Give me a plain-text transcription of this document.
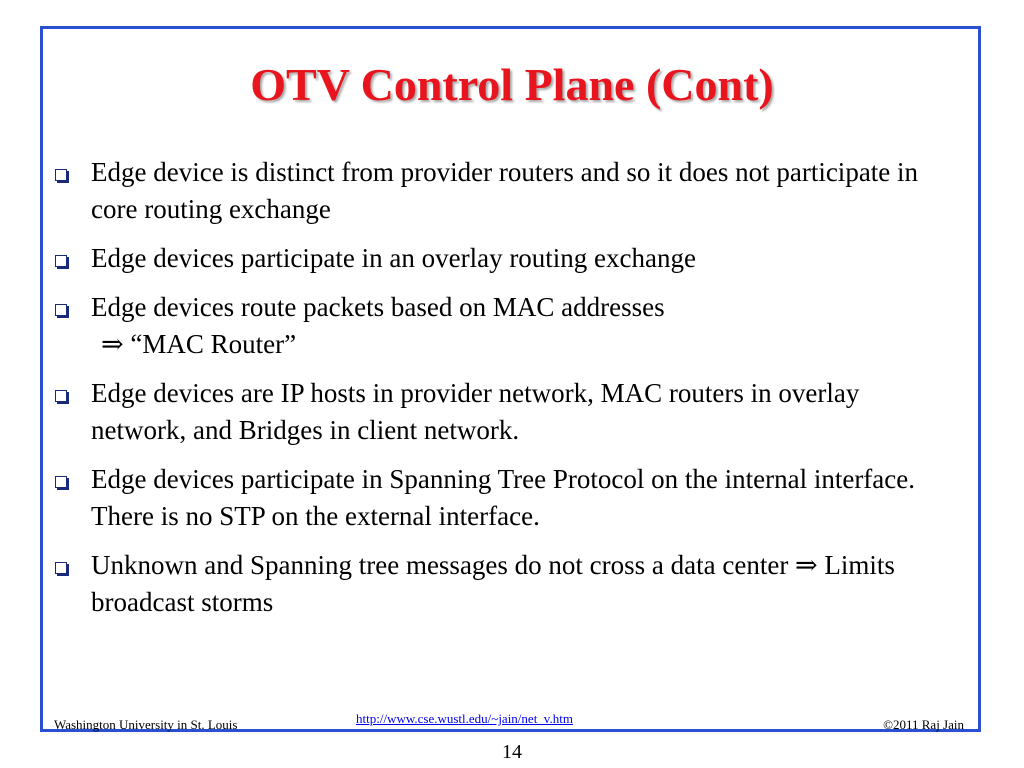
OTV Control Plane (Cont)
Edge device is distinct from provider routers and so it does not participate in core routing exchange
Edge devices participate in an overlay routing exchange
Edge devices route packets based on MAC addresses
⇒ “MAC Router”
Edge devices are IP hosts in provider network, MAC routers in overlay network, and Bridges in client network.
Edge devices participate in Spanning Tree Protocol on the internal interface. There is no STP on the external interface.
Unknown and Spanning tree messages do not cross a data center ⇒ Limits broadcast storms
Washington University in St. Louis	http://www.cse.wustl.edu/~jain/net_v.htm	©2011 Raj Jain
14
